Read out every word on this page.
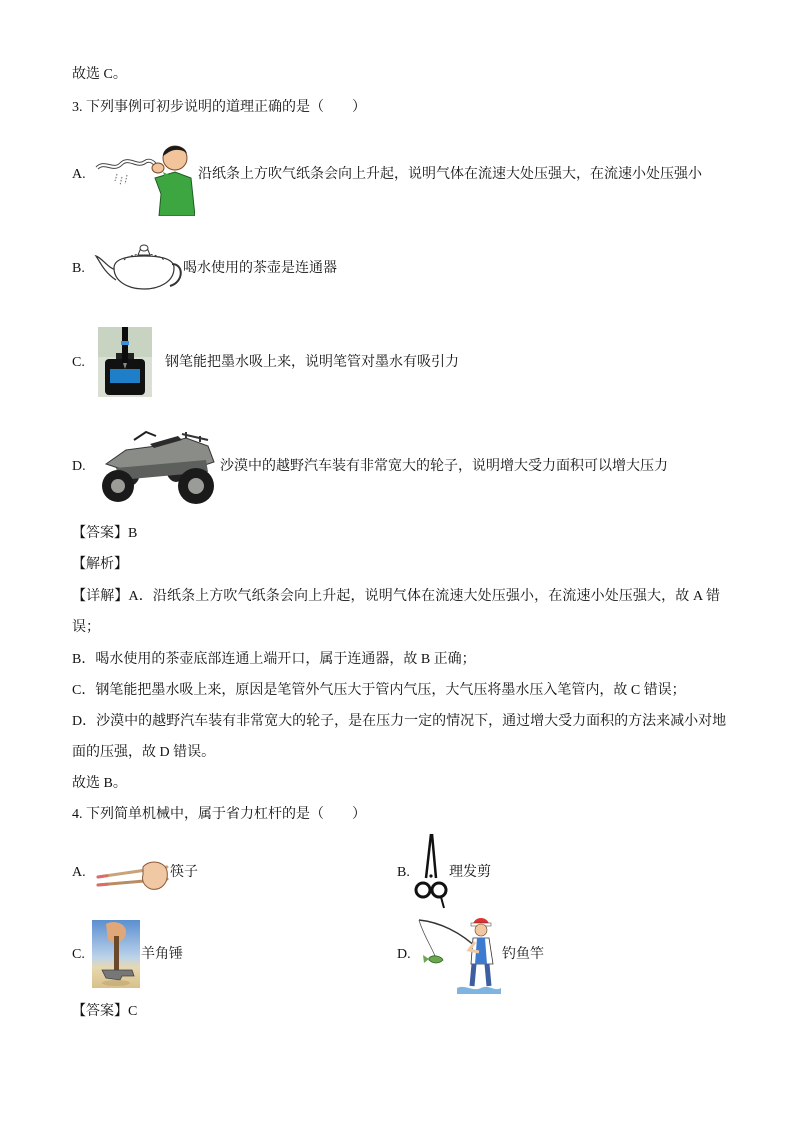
故选 C。
3. 下列事例可初步说明的道理正确的是（　　）
A.	沿纸条上方吹气纸条会向上升起，说明气体在流速大处压强大，在流速小处压强小
B.	喝水使用的茶壶是连通器
C.	钢笔能把墨水吸上来，说明笔管对墨水有吸引力
D.	沙漠中的越野汽车装有非常宽大的轮子，说明增大受力面积可以增大压力
【答案】B
【解析】
【详解】A．沿纸条上方吹气纸条会向上升起，说明气体在流速大处压强小，在流速小处压强大，故 A 错
误；
B．喝水使用的茶壶底部连通上端开口，属于连通器，故 B 正确；
C．钢笔能把墨水吸上来，原因是笔管外气压大于管内气压，大气压将墨水压入笔管内，故 C 错误；
D．沙漠中的越野汽车装有非常宽大的轮子，是在压力一定的情况下，通过增大受力面积的方法来减小对地
面的压强，故 D 错误。
故选 B。
4. 下列简单机械中，属于省力杠杆的是（　　）
A.	筷子	B.	理发剪
C.	羊角锤	D.	钓鱼竿
【答案】C
